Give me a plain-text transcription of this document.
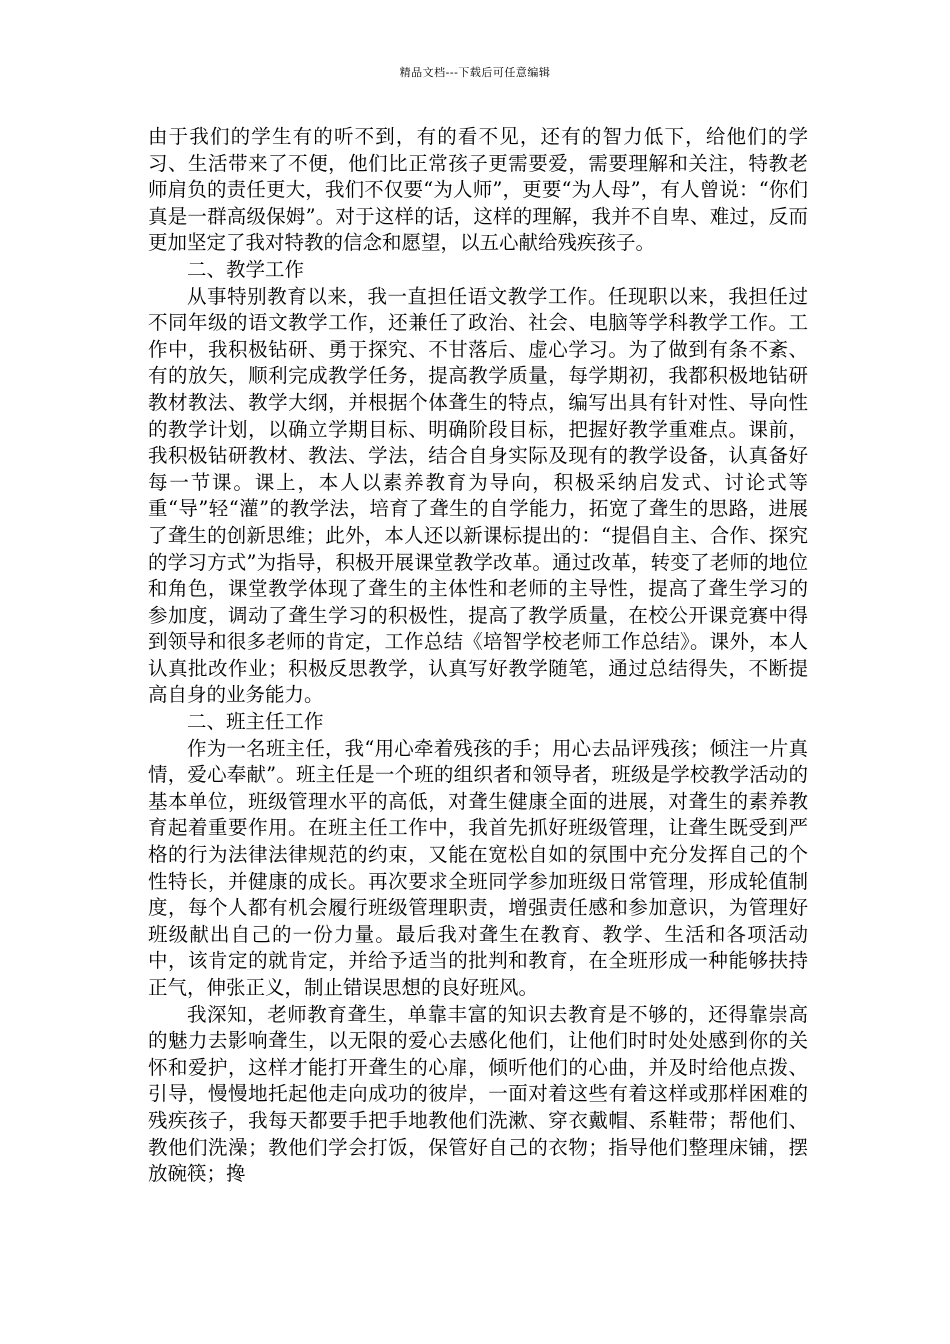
精品文档---下载后可任意编辑

由于我们的学生有的听不到，有的看不见，还有的智力低下，给他们的学习、生活带来了不便，他们比正常孩子更需要爱，需要理解和关注，特教老师肩负的责任更大，我们不仅要“为人师”，更要“为人母”，有人曾说：“你们真是一群高级保姆”。对于这样的话，这样的理解，我并不自卑、难过，反而更加坚定了我对特教的信念和愿望，以五心献给残疾孩子。

二、教学工作

从事特别教育以来，我一直担任语文教学工作。任现职以来，我担任过不同年级的语文教学工作，还兼任了政治、社会、电脑等学科教学工作。工作中，我积极钻研、勇于探究、不甘落后、虚心学习。为了做到有条不紊、有的放矢，顺利完成教学任务，提高教学质量，每学期初，我都积极地钻研教材教法、教学大纲，并根据个体聋生的特点，编写出具有针对性、导向性的教学计划，以确立学期目标、明确阶段目标，把握好教学重难点。课前，我积极钻研教材、教法、学法，结合自身实际及现有的教学设备，认真备好每一节课。课上，本人以素养教育为导向，积极采纳启发式、讨论式等重“导”轻“灌”的教学法，培育了聋生的自学能力，拓宽了聋生的思路，进展了聋生的创新思维；此外，本人还以新课标提出的：“提倡自主、合作、探究的学习方式”为指导，积极开展课堂教学改革。通过改革，转变了老师的地位和角色，课堂教学体现了聋生的主体性和老师的主导性，提高了聋生学习的参加度，调动了聋生学习的积极性，提高了教学质量，在校公开课竞赛中得到领导和很多老师的肯定，工作总结《培智学校老师工作总结》。课外，本人认真批改作业；积极反思教学，认真写好教学随笔，通过总结得失，不断提高自身的业务能力。

二、班主任工作

作为一名班主任，我“用心牵着残孩的手；用心去品评残孩；倾注一片真情，爱心奉献”。班主任是一个班的组织者和领导者，班级是学校教学活动的基本单位，班级管理水平的高低，对聋生健康全面的进展，对聋生的素养教育起着重要作用。在班主任工作中，我首先抓好班级管理，让聋生既受到严格的行为法律法律规范的约束，又能在宽松自如的氛围中充分发挥自己的个性特长，并健康的成长。再次要求全班同学参加班级日常管理，形成轮值制度，每个人都有机会履行班级管理职责，增强责任感和参加意识，为管理好班级献出自己的一份力量。最后我对聋生在教育、教学、生活和各项活动中，该肯定的就肯定，并给予适当的批判和教育，在全班形成一种能够扶持正气，伸张正义，制止错误思想的良好班风。

我深知，老师教育聋生，单靠丰富的知识去教育是不够的，还得靠崇高的魅力去影响聋生，以无限的爱心去感化他们，让他们时时处处感到你的关怀和爱护，这样才能打开聋生的心扉，倾听他们的心曲，并及时给他点拨、引导，慢慢地托起他走向成功的彼岸，一面对着这些有着这样或那样困难的残疾孩子，我每天都要手把手地教他们洗漱、穿衣戴帽、系鞋带；帮他们、教他们洗澡；教他们学会打饭，保管好自己的衣物；指导他们整理床铺，摆放碗筷；搀
